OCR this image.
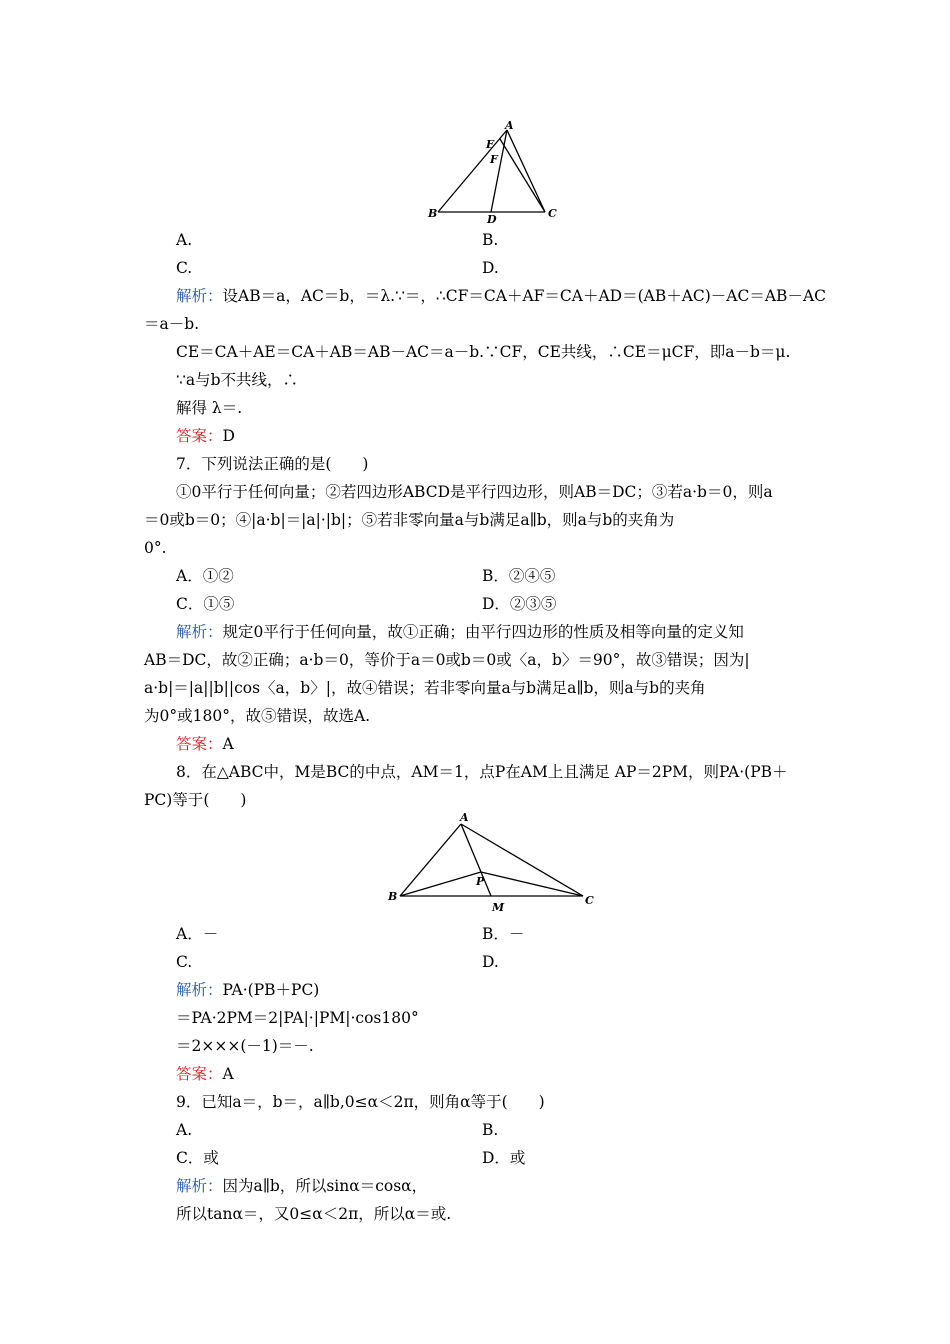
A
E
F
B	D	C
A.	B.
C.	D.
解析：设AB＝a，AC＝b，＝λ.∵＝，∴CF＝CA＋AF＝CA＋AD＝(AB＋AC)－AC＝AB－AC
＝a－b.
CE＝CA＋AE＝CA＋AB＝AB－AC＝a－b.∵CF，CE共线，∴CE＝μCF，即a－b＝μ.
∵a与b不共线，∴
解得 λ＝.
答案：D
7．下列说法正确的是(　　)
①0平行于任何向量；②若四边形ABCD是平行四边形，则AB＝DC；③若a·b＝0，则a
＝0或b＝0；④|a·b|＝|a|·|b|；⑤若非零向量a与b满足a∥b，则a与b的夹角为
0°.
A．①②	B．②④⑤
C．①⑤	D．②③⑤
解析：规定0平行于任何向量，故①正确；由平行四边形的性质及相等向量的定义知
AB＝DC，故②正确；a·b＝0，等价于a＝0或b＝0或〈a，b〉＝90°，故③错误；因为|
a·b|＝|a||b||cos〈a，b〉|，故④错误；若非零向量a与b满足a∥b，则a与b的夹角
为0°或180°，故⑤错误，故选A.
答案：A
8．在△ABC中，M是BC的中点，AM＝1，点P在AM上且满足 AP＝2PM，则PA·(PB＋
PC)等于(　　)
A
P
B
M
C
A．－	B．－
C.	D.
解析：PA·(PB＋PC)
＝PA·2PM＝2|PA|·|PM|·cos180°
＝2×××(－1)＝－.
答案：A
9．已知a＝，b＝，a∥b,0≤α＜2π，则角α等于(　　)
A.	B.
C．或	D．或
解析：因为a∥b，所以sinα＝cosα，
所以tanα＝，又0≤α＜2π，所以α＝或.
